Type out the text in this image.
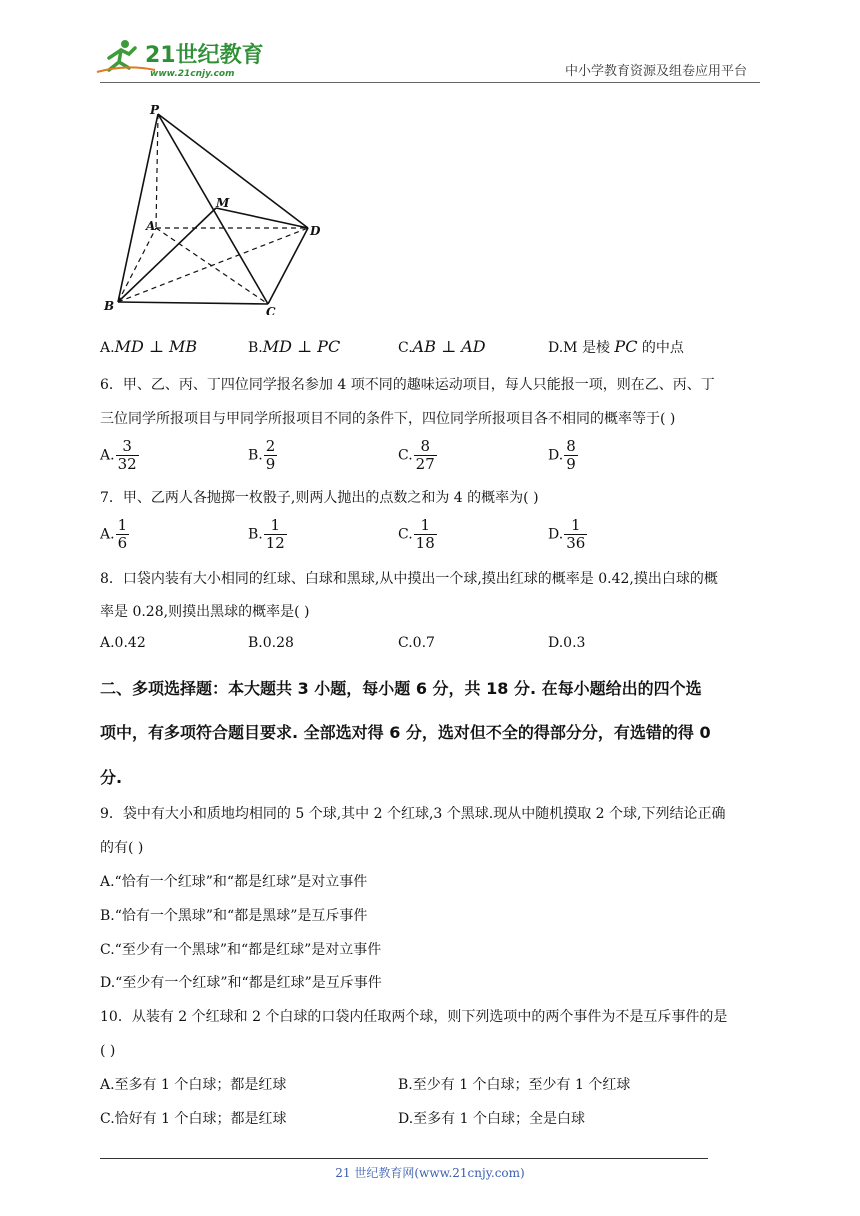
21世纪教育
www.21cnjy.com	中小学教育资源及组卷应用平台
P
M
A	D
B	C
A.MD ⊥ MB	B.MD ⊥ PC	C.AB ⊥ AD	D.M 是棱 PC 的中点
6．甲、乙、丙、丁四位同学报名参加 4 项不同的趣味运动项目，每人只能报一项，则在乙、丙、丁
三位同学所报项目与甲同学所报项目不同的条件下，四位同学所报项目各不相同的概率等于( )
A. $\frac{3}{32}$	B. $\frac{2}{9}$	C. $\frac{8}{27}$	D. $\frac{8}{9}$
7．甲、乙两人各抛掷一枚骰子,则两人抛出的点数之和为 4 的概率为( )
A. $\frac{1}{6}$	B. $\frac{1}{12}$	C. $\frac{1}{18}$	D. $\frac{1}{36}$
8．口袋内装有大小相同的红球、白球和黑球,从中摸出一个球,摸出红球的概率是 0.42,摸出白球的概
率是 0.28,则摸出黑球的概率是( )
A.0.42	B.0.28	C.0.7	D.0.3
二、多项选择题：本大题共 3 小题，每小题 6 分，共 18 分. 在每小题给出的四个选
项中，有多项符合题目要求. 全部选对得 6 分，选对但不全的得部分分，有选错的得 0
分.
9．袋中有大小和质地均相同的 5 个球,其中 2 个红球,3 个黑球.现从中随机摸取 2 个球,下列结论正确
的有( )
A.“恰有一个红球”和“都是红球”是对立事件
B.“恰有一个黑球”和“都是黑球”是互斥事件
C.“至少有一个黑球”和“都是红球”是对立事件
D.“至少有一个红球”和“都是红球”是互斥事件
10．从装有 2 个红球和 2 个白球的口袋内任取两个球，则下列选项中的两个事件为不是互斥事件的是
( )
A.至多有 1 个白球；都是红球	B.至少有 1 个白球；至少有 1 个红球
C.恰好有 1 个白球；都是红球	D.至多有 1 个白球；全是白球
21 世纪教育网(www.21cnjy.com)
